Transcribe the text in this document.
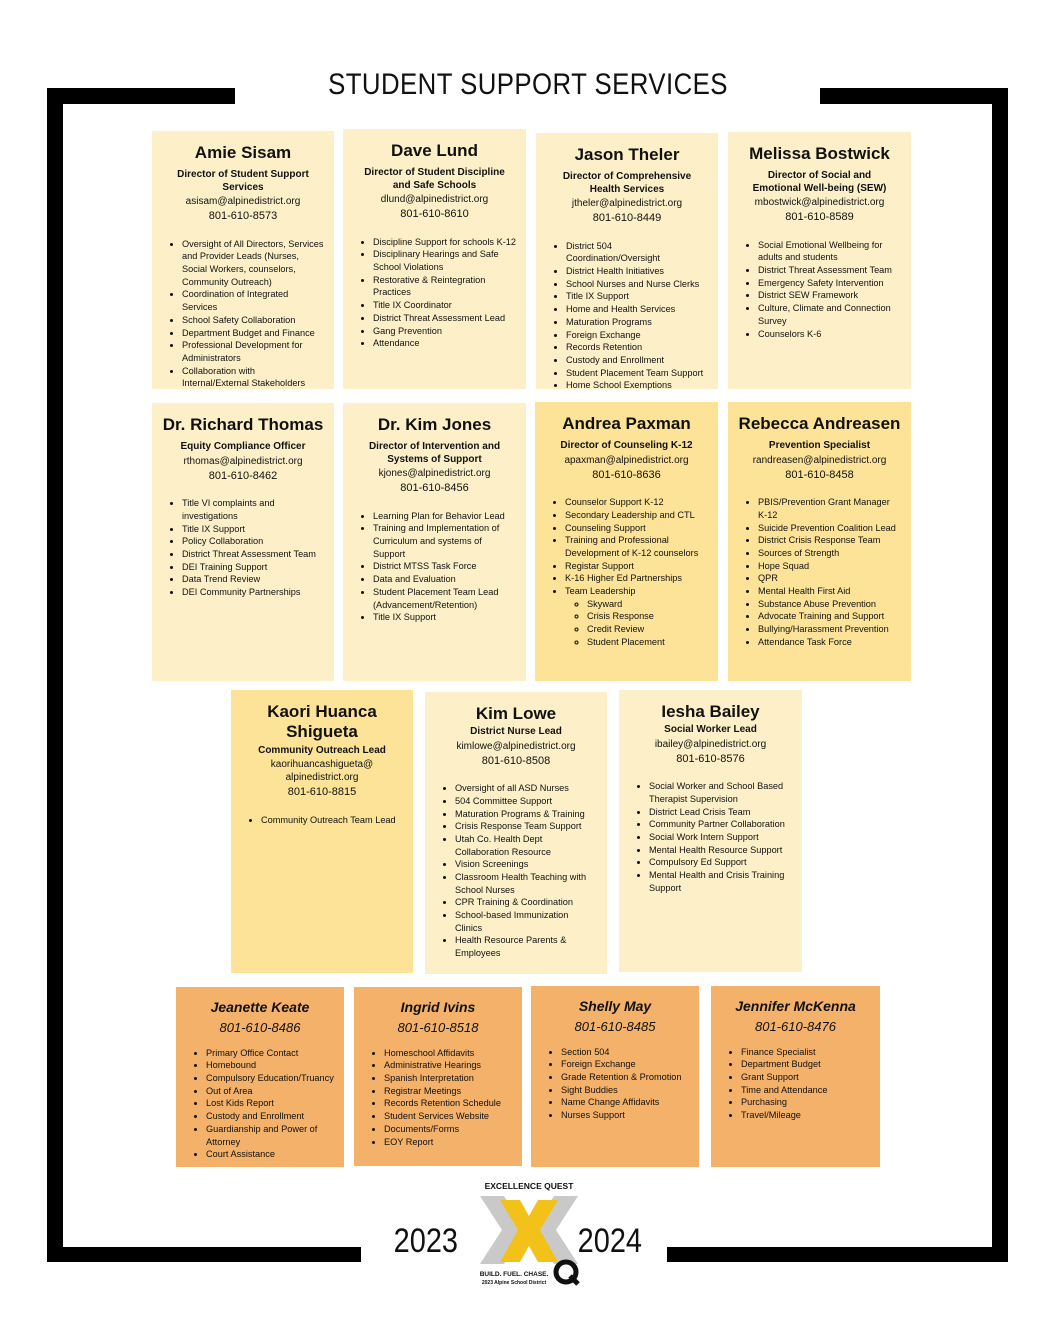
STUDENT SUPPORT SERVICES
Amie Sisam
Director of Student Support Services
asisam@alpinedistrict.org
801-610-8573
• Oversight of All Directors, Services and Provider Leads (Nurses, Social Workers, counselors, Community Outreach)
• Coordination of Integrated Services
• School Safety Collaboration
• Department Budget and Finance
• Professional Development for Administrators
• Collaboration with Internal/External Stakeholders
Dave Lund
Director of Student Discipline and Safe Schools
dlund@alpinedistrict.org
801-610-8610
• Discipline Support for schools K-12
• Disciplinary Hearings and Safe School Violations
• Restorative & Reintegration Practices
• Title IX Coordinator
• District Threat Assessment Lead
• Gang Prevention
• Attendance
Jason Theler
Director of Comprehensive Health Services
jtheler@alpinedistrict.org
801-610-8449
• District 504 Coordination/Oversight
• District Health Initiatives
• School Nurses and Nurse Clerks
• Title IX Support
• Home and Health Services
• Maturation Programs
• Foreign Exchange
• Records Retention
• Custody and Enrollment
• Student Placement Team Support
• Home School Exemptions
Melissa Bostwick
Director of Social and Emotional Well-being (SEW)
mbostwick@alpinedistrict.org
801-610-8589
• Social Emotional Wellbeing for adults and students
• District Threat Assessment Team
• Emergency Safety Intervention
• District SEW Framework
• Culture, Climate and Connection Survey
• Counselors K-6
Dr. Richard Thomas
Equity Compliance Officer
rthomas@alpinedistrict.org
801-610-8462
• Title VI complaints and investigations
• Title IX Support
• Policy Collaboration
• District Threat Assessment Team
• DEI Training Support
• Data Trend Review
• DEI Community Partnerships
Dr. Kim Jones
Director of Intervention and Systems of Support
kjones@alpinedistrict.org
801-610-8456
• Learning Plan for Behavior Lead
• Training and Implementation of Curriculum and systems of Support
• District MTSS Task Force
• Data and Evaluation
• Student Placement Team Lead (Advancement/Retention)
• Title IX Support
Andrea Paxman
Director of Counseling K-12
apaxman@alpinedistrict.org
801-610-8636
• Counselor Support K-12
• Secondary Leadership and CTL
• Counseling Support
• Training and Professional Development of K-12 counselors
• Registar Support
• K-16 Higher Ed Partnerships
• Team Leadership
◦ Skyward
◦ Crisis Response
◦ Credit Review
◦ Student Placement
Rebecca Andreasen
Prevention Specialist
randreasen@alpinedistrict.org
801-610-8458
• PBIS/Prevention Grant Manager K-12
• Suicide Prevention Coalition Lead
• District Crisis Response Team
• Sources of Strength
• Hope Squad
• QPR
• Mental Health First Aid
• Substance Abuse Prevention
• Advocate Training and Support
• Bullying/Harassment Prevention
• Attendance Task Force
Kaori Huanca Shigueta
Community Outreach Lead
kaorihuancashigueta@ alpinedistrict.org
801-610-8815
• Community Outreach Team Lead
Kim Lowe
District Nurse Lead
kimlowe@alpinedistrict.org
801-610-8508
• Oversight of all ASD Nurses
• 504 Committee Support
• Maturation Programs & Training
• Crisis Response Team Support
• Utah Co. Health Dept Collaboration Resource
• Vision Screenings
• Classroom Health Teaching with School Nurses
• CPR Training & Coordination
• School-based Immunization Clinics
• Health Resource Parents & Employees
Iesha Bailey
Social Worker Lead
ibailey@alpinedistrict.org
801-610-8576
• Social Worker and School Based Therapist Supervision
• District Lead Crisis Team
• Community Partner Collaboration
• Social Work Intern Support
• Mental Health Resource Support
• Compulsory Ed Support
• Mental Health and Crisis Training Support
Jeanette Keate
801-610-8486
• Primary Office Contact
• Homebound
• Compulsory Education/Truancy
• Out of Area
• Lost Kids Report
• Custody and Enrollment
• Guardianship and Power of Attorney
• Court Assistance
Ingrid Ivins
801-610-8518
• Homeschool Affidavits
• Administrative Hearings
• Spanish Interpretation
• Registrar Meetings
• Records Retention Schedule
• Student Services Website
• Documents/Forms
• EOY Report
Shelly May
801-610-8485
• Section 504
• Foreign Exchange
• Grade Retention & Promotion
• Sight Buddies
• Name Change Affidavits
• Nurses Support
Jennifer McKenna
801-610-8476
• Finance Specialist
• Department Budget
• Grant Support
• Time and Attendance
• Purchasing
• Travel/Mileage
2023	2024
EXCELLENCE QUEST
BUILD. FUEL. CHASE.
2023 Alpine School District
